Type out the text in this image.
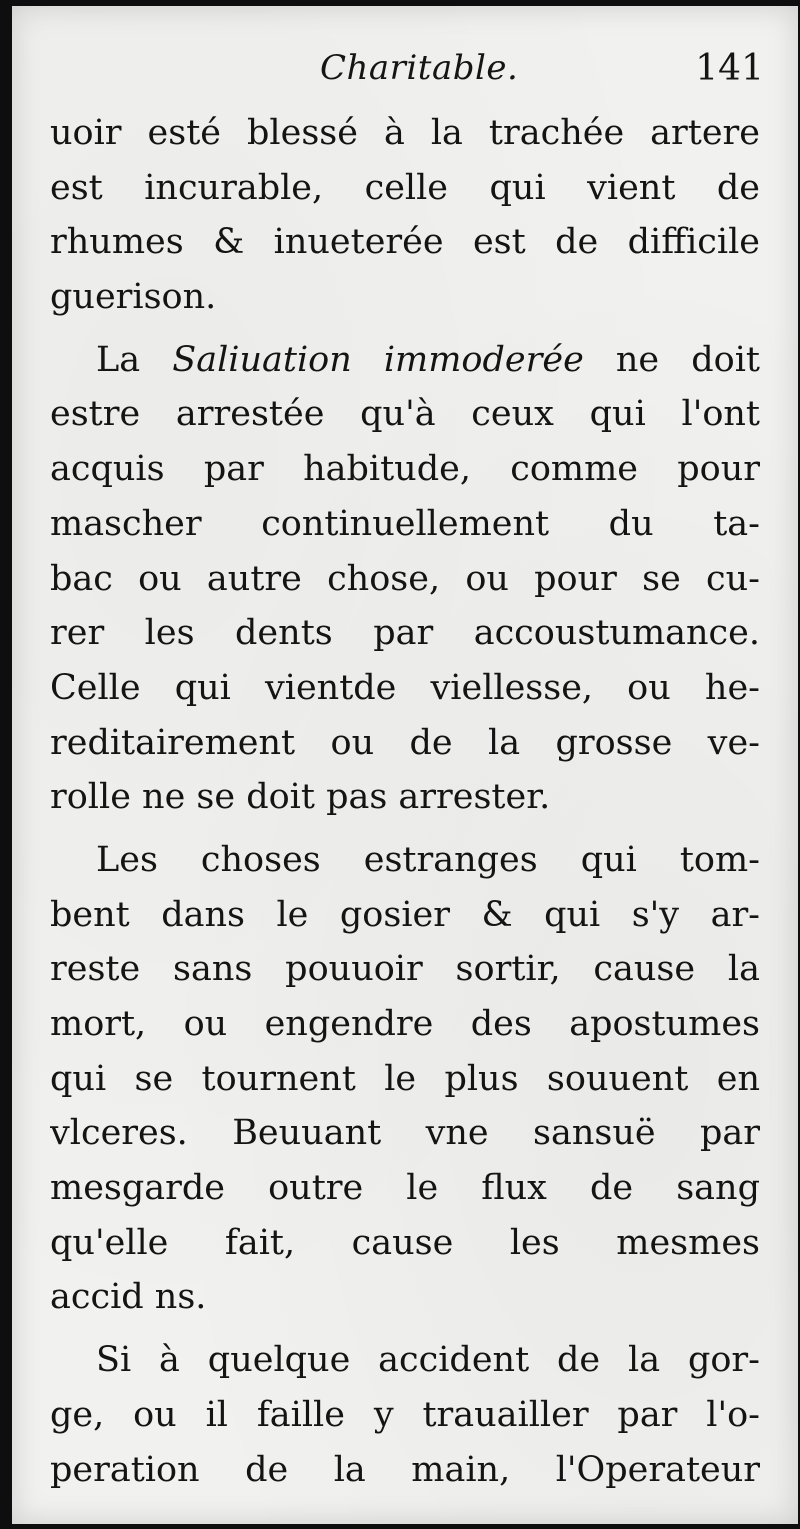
Charitable.	141
uoir esté blessé à la trachée artere
est incurable, celle qui vient de
rhumes & inueterée est de difficile
guerison.
La Saliuation immoderée ne doit
estre arrestée qu'à ceux qui l'ont
acquis par habitude, comme pour
mascher continuellement du ta-
bac ou autre chose, ou pour se cu-
rer les dents par accoustumance.
Celle qui vientde viellesse, ou he-
reditairement ou de la grosse ve-
rolle ne se doit pas arrester.
Les choses estranges qui tom-
bent dans le gosier & qui s'y ar-
reste sans pouuoir sortir, cause la
mort, ou engendre des apostumes
qui se tournent le plus souuent en
vlceres. Beuuant vne sansuë par
mesgarde outre le flux de sang
qu'elle fait, cause les mesmes
accid ns.
Si à quelque accident de la gor-
ge, ou il faille y trauailler par l'o-
peration de la main, l'Operateur
